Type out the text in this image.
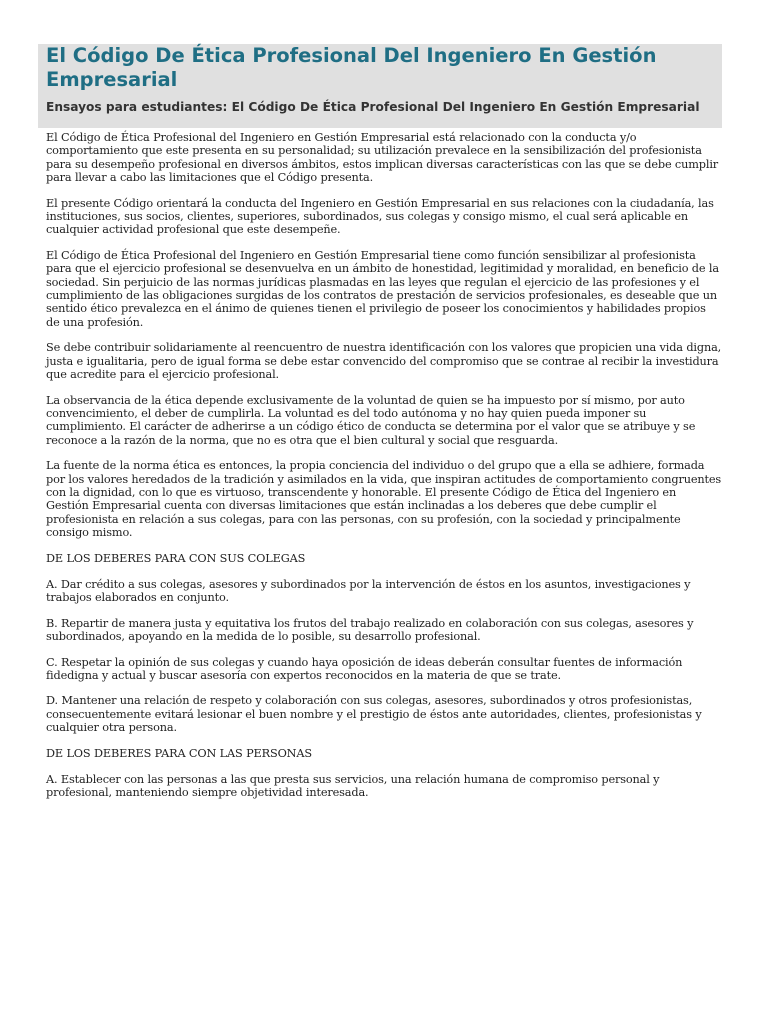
El Código De Ética Profesional Del Ingeniero En Gestión Empresarial
Ensayos para estudiantes: El Código De Ética Profesional Del Ingeniero En Gestión Empresarial

El Código de Ética Profesional del Ingeniero en Gestión Empresarial está relacionado con la conducta y/o comportamiento que este presenta en su personalidad; su utilización prevalece en la sensibilización del profesionista para su desempeño profesional en diversos ámbitos, estos implican diversas características con las que se debe cumplir para llevar a cabo las limitaciones que el Código presenta.

El presente Código orientará la conducta del Ingeniero en Gestión Empresarial en sus relaciones con la ciudadanía, las instituciones, sus socios, clientes, superiores, subordinados, sus colegas y consigo mismo, el cual será aplicable en cualquier actividad profesional que este desempeñe.

El Código de Ética Profesional del Ingeniero en Gestión Empresarial tiene como función sensibilizar al profesionista para que el ejercicio profesional se desenvuelva en un ámbito de honestidad, legitimidad y moralidad, en beneficio de la sociedad. Sin perjuicio de las normas jurídicas plasmadas en las leyes que regulan el ejercicio de las profesiones y el cumplimiento de las obligaciones surgidas de los contratos de prestación de servicios profesionales, es deseable que un sentido ético prevalezca en el ánimo de quienes tienen el privilegio de poseer los conocimientos y habilidades propios de una profesión.

Se debe contribuir solidariamente al reencuentro de nuestra identificación con los valores que propicien una vida digna, justa e igualitaria, pero de igual forma se debe estar convencido del compromiso que se contrae al recibir la investidura que acredite para el ejercicio profesional.

La observancia de la ética depende exclusivamente de la voluntad de quien se ha impuesto por sí mismo, por auto convencimiento, el deber de cumplirla. La voluntad es del todo autónoma y no hay quien pueda imponer su cumplimiento. El carácter de adherirse a un código ético de conducta se determina por el valor que se atribuye y se reconoce a la razón de la norma, que no es otra que el bien cultural y social que resguarda.

La fuente de la norma ética es entonces, la propia conciencia del individuo o del grupo que a ella se adhiere, formada por los valores heredados de la tradición y asimilados en la vida, que inspiran actitudes de comportamiento congruentes con la dignidad, con lo que es virtuoso, transcendente y honorable. El presente Código de Ética del Ingeniero en Gestión Empresarial cuenta con diversas limitaciones que están inclinadas a los deberes que debe cumplir el profesionista en relación a sus colegas, para con las personas, con su profesión, con la sociedad y principalmente consigo mismo.

DE LOS DEBERES PARA CON SUS COLEGAS

A. Dar crédito a sus colegas, asesores y subordinados por la intervención de éstos en los asuntos, investigaciones y trabajos elaborados en conjunto.

B. Repartir de manera justa y equitativa los frutos del trabajo realizado en colaboración con sus colegas, asesores y subordinados, apoyando en la medida de lo posible, su desarrollo profesional.

C. Respetar la opinión de sus colegas y cuando haya oposición de ideas deberán consultar fuentes de información fidedigna y actual y buscar asesoría con expertos reconocidos en la materia de que se trate.

D. Mantener una relación de respeto y colaboración con sus colegas, asesores, subordinados y otros profesionistas, consecuentemente evitará lesionar el buen nombre y el prestigio de éstos ante autoridades, clientes, profesionistas y cualquier otra persona.

DE LOS DEBERES PARA CON LAS PERSONAS

A. Establecer con las personas a las que presta sus servicios, una relación humana de compromiso personal y profesional, manteniendo siempre objetividad interesada.
